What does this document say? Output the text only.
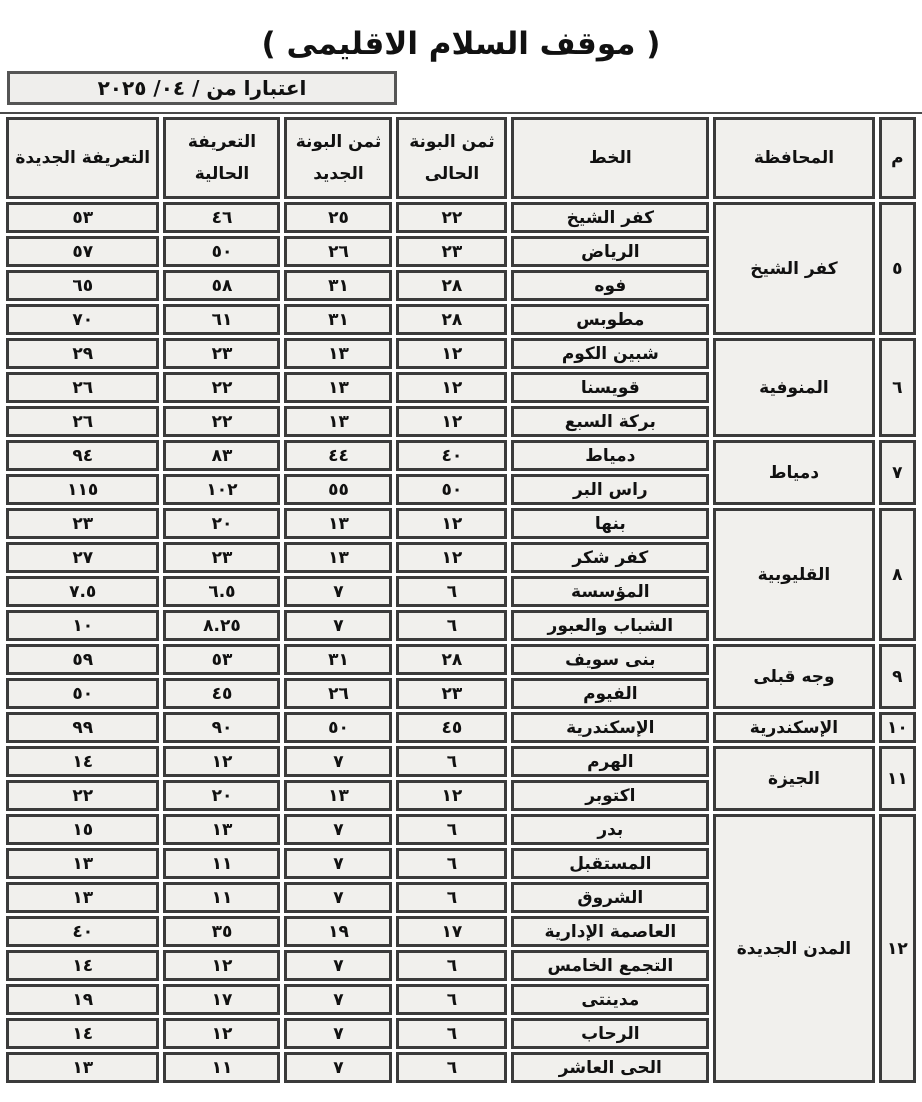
( موقف السلام الاقليمى )
اعتبارا من / ٠٤/ ٢٠٢٥
م	المحافظة	الخط	ثمن البونة الحالى	ثمن البونة الجديد	التعريفة الحالية	التعريفة الجديدة
٥	كفر الشيخ	كفر الشيخ	٢٢	٢٥	٤٦	٥٣
		الرياض	٢٣	٢٦	٥٠	٥٧
		فوه	٢٨	٣١	٥٨	٦٥
		مطوبس	٢٨	٣١	٦١	٧٠
٦	المنوفية	شبين الكوم	١٢	١٣	٢٣	٢٩
		قويسنا	١٢	١٣	٢٢	٢٦
		بركة السبع	١٢	١٣	٢٢	٢٦
٧	دمياط	دمياط	٤٠	٤٤	٨٣	٩٤
		راس البر	٥٠	٥٥	١٠٢	١١٥
٨	القليوبية	بنها	١٢	١٣	٢٠	٢٣
		كفر شكر	١٢	١٣	٢٣	٢٧
		المؤسسة	٦	٧	٦.٥	٧.٥
		الشباب والعبور	٦	٧	٨.٢٥	١٠
٩	وجه قبلى	بنى سويف	٢٨	٣١	٥٣	٥٩
		الفيوم	٢٣	٢٦	٤٥	٥٠
١٠	الإسكندرية	الإسكندرية	٤٥	٥٠	٩٠	٩٩
١١	الجيزة	الهرم	٦	٧	١٢	١٤
		اكتوبر	١٢	١٣	٢٠	٢٢
١٢	المدن الجديدة	بدر	٦	٧	١٣	١٥
		المستقبل	٦	٧	١١	١٣
		الشروق	٦	٧	١١	١٣
		العاصمة الإدارية	١٧	١٩	٣٥	٤٠
		التجمع الخامس	٦	٧	١٢	١٤
		مدينتى	٦	٧	١٧	١٩
		الرحاب	٦	٧	١٢	١٤
		الحى العاشر	٦	٧	١١	١٣
